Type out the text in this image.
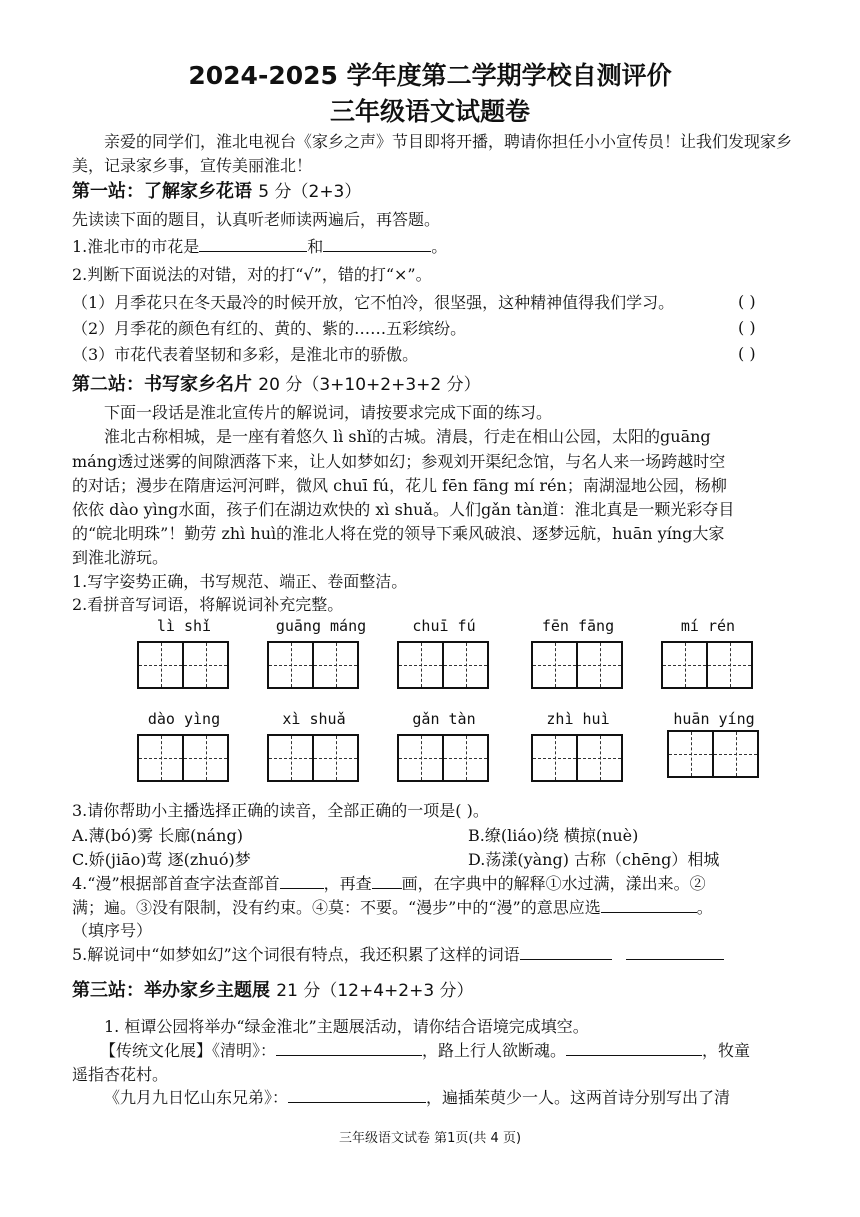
2024-2025 学年度第二学期学校自测评价
三年级语文试题卷
亲爱的同学们，淮北电视台《家乡之声》节目即将开播，聘请你担任小小宣传员！让我们发现家乡美，记录家乡事，宣传美丽淮北！
第一站：了解家乡花语 5 分（2+3）
先读读下面的题目，认真听老师读两遍后，再答题。
1.淮北市的市花是	和	。
2.判断下面说法的对错，对的打“√”，错的打“×”。
（1）月季花只在冬天最冷的时候开放，它不怕冷，很坚强，这种精神值得我们学习。	( )
（2）月季花的颜色有红的、黄的、紫的……五彩缤纷。	( )
（3）市花代表着坚韧和多彩，是淮北市的骄傲。	( )
第二站：书写家乡名片 20 分（3+10+2+3+2 分）
下面一段话是淮北宣传片的解说词，请按要求完成下面的练习。
淮北古称相城，是一座有着悠久 lì shǐ的古城。清晨，行走在相山公园，太阳的guāng
máng透过迷雾的间隙洒落下来，让人如梦如幻；参观刘开渠纪念馆，与名人来一场跨越时空
的对话；漫步在隋唐运河河畔，微风 chuī fú，花儿 fēn fāng mí rén；南湖湿地公园，杨柳
依依 dào yìng水面，孩子们在湖边欢快的 xì shuǎ。人们gǎn tàn道：淮北真是一颗光彩夺目
的“皖北明珠”！勤劳 zhì huì的淮北人将在党的领导下乘风破浪、逐梦远航，huān yíng大家
到淮北游玩。
1.写字姿势正确，书写规范、端正、卷面整洁。
2.看拼音写词语，将解说词补充完整。
lì shǐ	guāng máng	chuī fú	fēn fāng	mí rén
dào yìng	xì shuǎ	gǎn tàn	zhì huì	huān yíng
3.请你帮助小主播选择正确的读音，全部正确的一项是( )。
A.薄(bó)雾 长廊(náng)	B.缭(liáo)绕 横掠(nuè)
C.娇(jiāo)莺 逐(zhuó)梦	D.荡漾(yàng) 古称（chēng）相城
4.“漫”根据部首查字法查部首	，再查 画，在字典中的解释①水过满，漾出来。②
满；遍。③没有限制，没有约束。④莫：不要。“漫步”中的“漫”的意思应选	。
（填序号）
5.解说词中“如梦如幻”这个词很有特点，我还积累了这样的词语
第三站：举办家乡主题展 21 分（12+4+2+3 分）
1. 桓谭公园将举办“绿金淮北”主题展活动，请你结合语境完成填空。
【传统文化展】《清明》：	，路上行人欲断魂。	，牧童
遥指杏花村。
《九月九日忆山东兄弟》：	，遍插茱萸少一人。这两首诗分别写出了清
三年级语文试卷 第1页(共 4 页)
